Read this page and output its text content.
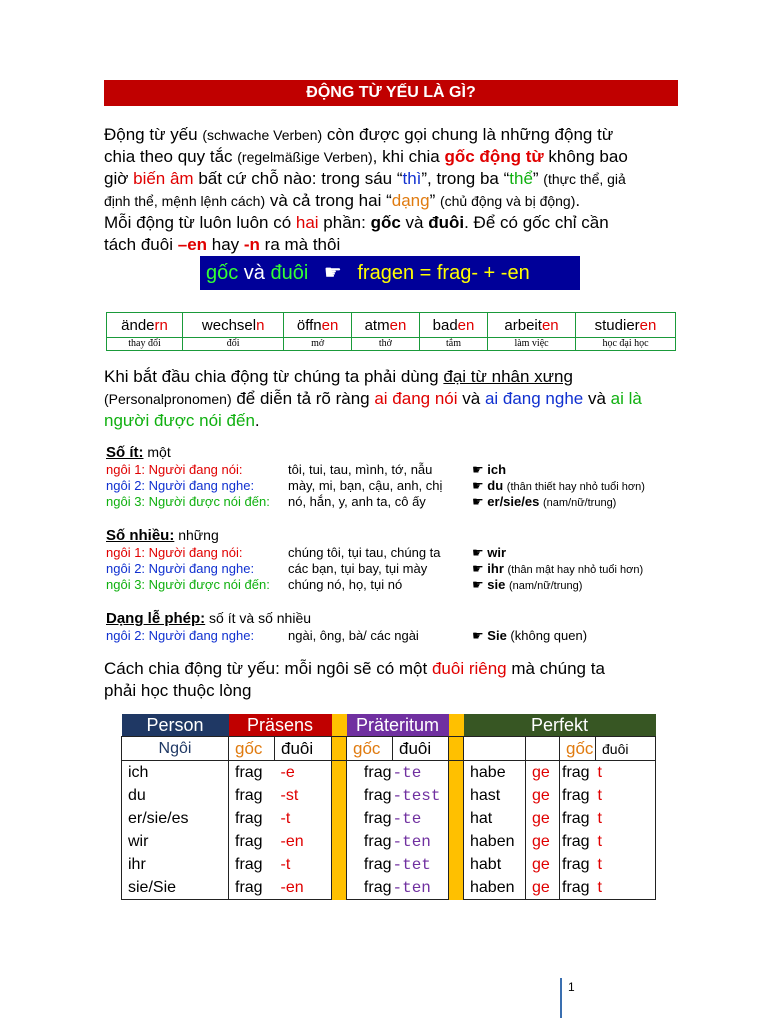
ĐỘNG TỪ YẾU LÀ GÌ?
Động từ yếu (schwache Verben) còn được gọi chung là những động từ
chia theo quy tắc (regelmäßige Verben), khi chia gốc động từ không bao
giờ biến âm bất cứ chỗ nào: trong sáu “thì”, trong ba “thể” (thực thể, giả
định thể, mệnh lệnh cách) và cả trong hai “dạng” (chủ động và bị động).
Mỗi động từ luôn luôn có hai phần: gốc và đuôi. Để có gốc chỉ cần
tách đuôi –en hay -n ra mà thôi
gốc và đuôi ☛ fragen = frag- + -en
ändern	wechseln	öffnen	atmen	baden	arbeiten	studieren
thay đổi	đổi	mở	thở	tắm	làm việc	học đại học
Khi bắt đầu chia động từ chúng ta phải dùng đại từ nhân xưng
(Personalpronomen) để diễn tả rõ ràng ai đang nói và ai đang nghe và ai là
người được nói đến.
Số ít: một
ngôi 1: Người đang nói:	tôi, tui, tau, mình, tớ, nẫu	☛ ich
ngôi 2: Người đang nghe:	mày, mi, bạn, cậu, anh, chị ☛ du (thân thiết hay nhỏ tuổi hơn)
ngôi 3: Người được nói đến: nó, hắn, y, anh ta, cô ấy	☛ er/sie/es (nam/nữ/trung)
Số nhiều: những
ngôi 1: Người đang nói:	chúng tôi, tụi tau, chúng ta ☛ wir
ngôi 2: Người đang nghe:	các bạn, tụi bay, tụi mày	☛ ihr (thân mật hay nhỏ tuổi hơn)
ngôi 3: Người được nói đến: chúng nó, họ, tụi nó	☛ sie (nam/nữ/trung)
Dạng lễ phép: số ít và số nhiều
ngôi 2: Người đang nghe:	ngài, ông, bà/ các ngài	☛ Sie (không quen)
Cách chia động từ yếu: mỗi ngôi sẽ có một đuôi riêng mà chúng ta
phải học thuộc lòng
Person	Präsens			Präteritum			Perfekt			
Ngôi	gốc	đuôi		gốc	đuôi				gốc	đuôi
ich	frag	-e		frag	-te		habe	ge	frag	t
du	frag	-st		frag	-test		hast	ge	frag	t
er/sie/es	frag	-t		frag	-te		hat	ge	frag	t
wir	frag	-en		frag	-ten		haben	ge	frag	t
ihr	frag	-t		frag	-tet		habt	ge	frag	t
sie/Sie	frag	-en		frag	-ten		haben	ge	frag	t
1
